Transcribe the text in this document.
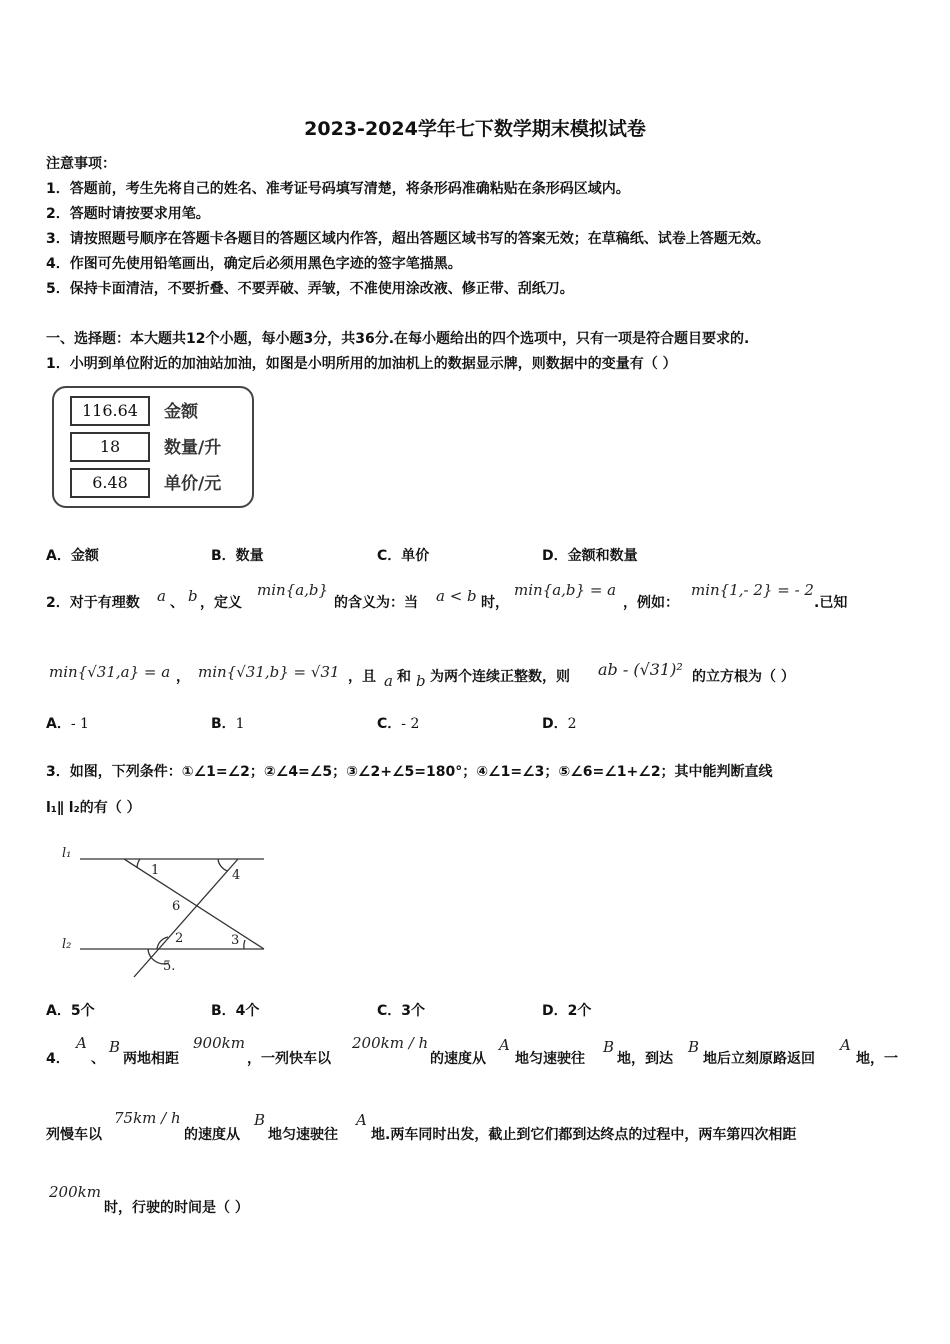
2023-2024学年七下数学期末模拟试卷
注意事项：
1．答题前，考生先将自己的姓名、准考证号码填写清楚，将条形码准确粘贴在条形码区域内。
2．答题时请按要求用笔。
3．请按照题号顺序在答题卡各题目的答题区域内作答，超出答题区域书写的答案无效；在草稿纸、试卷上答题无效。
4．作图可先使用铅笔画出，确定后必须用黑色字迹的签字笔描黑。
5．保持卡面清洁，不要折叠、不要弄破、弄皱，不准使用涂改液、修正带、刮纸刀。
一、选择题：本大题共12个小题，每小题3分，共36分.在每小题给出的四个选项中，只有一项是符合题目要求的.
1．小明到单位附近的加油站加油，如图是小明所用的加油机上的数据显示牌，则数据中的变量有（ ）
116.64	金额
18	数量/升
6.48	单价/元
A．金额	B．数量	C．单价	D．金额和数量
2．对于有理数 a 、 b ，定义
min{a,b}
的含义为：当 a < b 时，
min{a,b} = a
，例如：
min{1,- 2} = - 2
.已知
min{√31,a} = a ， min{√31,b} = √31 ，且 a 和 b 为两个连续正整数，则 ab - (√31)² 的立方根为（ ）
A．- 1	B．1	C．- 2	D．2
3．如图，下列条件：①∠1=∠2；②∠4=∠5；③∠2+∠5=180°；④∠1=∠3；⑤∠6=∠1+∠2；其中能判断直线
l₁∥ l₂的有（ ）
l₁
l₂
1
2	3
4
5.
6
A．5个	B．4个	C．3个	D．2个
4．
A
、
B
两地相距
900km
，一列快车以
200km / h
的速度从
A
地匀速驶往
B
地，到达
B
地后立刻原路返回
A
地，一
列慢车以
75km / h
的速度从
B
地匀速驶往
A
地.两车同时出发，截止到它们都到达终点的过程中，两车第四次相距
200km
时，行驶的时间是（ ）
